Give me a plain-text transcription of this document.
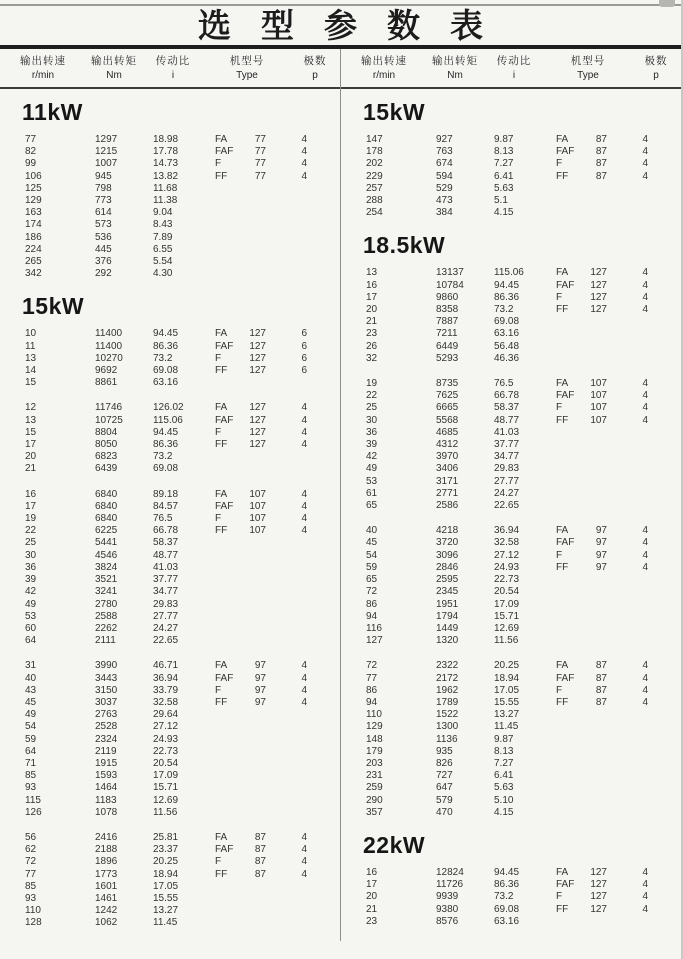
选型参数表
输出转速
r/min
输出转矩
Nm
传动比
i
机型号
Type
极数
p
11kW
77	1297	18.98	FA	77	4
82	1215	17.78	FAF	77	4
99	1007	14.73	F	77	4
106	945	13.82	FF	77	4
125	798	11.68
129	773	11.38
163	614	9.04
174	573	8.43
186	536	7.89
224	445	6.55
265	376	5.54
342	292	4.30
15kW
10	11400	94.45	FA	127	6
11	11400	86.36	FAF	127	6
13	10270	73.2	F	127	6
14	9692	69.08	FF	127	6
15	8861	63.16
12	11746	126.02	FA	127	4
13	10725	115.06	FAF	127	4
15	8804	94.45	F	127	4
17	8050	86.36	FF	127	4
20	6823	73.2
21	6439	69.08
16	6840	89.18	FA	107	4
17	6840	84.57	FAF	107	4
19	6840	76.5	F	107	4
22	6225	66.78	FF	107	4
25	5441	58.37
30	4546	48.77
36	3824	41.03
39	3521	37.77
42	3241	34.77
49	2780	29.83
53	2588	27.77
60	2262	24.27
64	2111	22.65
31	3990	46.71	FA	97	4
40	3443	36.94	FAF	97	4
43	3150	33.79	F	97	4
45	3037	32.58	FF	97	4
49	2763	29.64
54	2528	27.12
59	2324	24.93
64	2119	22.73
71	1915	20.54
85	1593	17.09
93	1464	15.71
115	1183	12.69
126	1078	11.56
56	2416	25.81	FA	87	4
62	2188	23.37	FAF	87	4
72	1896	20.25	F	87	4
77	1773	18.94	FF	87	4
85	1601	17.05
93	1461	15.55
110	1242	13.27
128	1062	11.45
输出转速
r/min
输出转矩
Nm
传动比
i
机型号
Type
极数
p
15kW
147	927	9.87	FA	87	4
178	763	8.13	FAF	87	4
202	674	7.27	F	87	4
229	594	6.41	FF	87	4
257	529	5.63
288	473	5.1
254	384	4.15
18.5kW
13	13137	115.06	FA	127	4
16	10784	94.45	FAF	127	4
17	9860	86.36	F	127	4
20	8358	73.2	FF	127	4
21	7887	69.08
23	7211	63.16
26	6449	56.48
32	5293	46.36
19	8735	76.5	FA	107	4
22	7625	66.78	FAF	107	4
25	6665	58.37	F	107	4
30	5568	48.77	FF	107	4
36	4685	41.03
39	4312	37.77
42	3970	34.77
49	3406	29.83
53	3171	27.77
61	2771	24.27
65	2586	22.65
40	4218	36.94	FA	97	4
45	3720	32.58	FAF	97	4
54	3096	27.12	F	97	4
59	2846	24.93	FF	97	4
65	2595	22.73
72	2345	20.54
86	1951	17.09
94	1794	15.71
116	1449	12.69
127	1320	11.56
72	2322	20.25	FA	87	4
77	2172	18.94	FAF	87	4
86	1962	17.05	F	87	4
94	1789	15.55	FF	87	4
110	1522	13.27
129	1300	11.45
148	1136	9.87
179	935	8.13
203	826	7.27
231	727	6.41
259	647	5.63
290	579	5.10
357	470	4.15
22kW
16	12824	94.45	FA	127	4
17	11726	86.36	FAF	127	4
20	9939	73.2	F	127	4
21	9380	69.08	FF	127	4
23	8576	63.16
